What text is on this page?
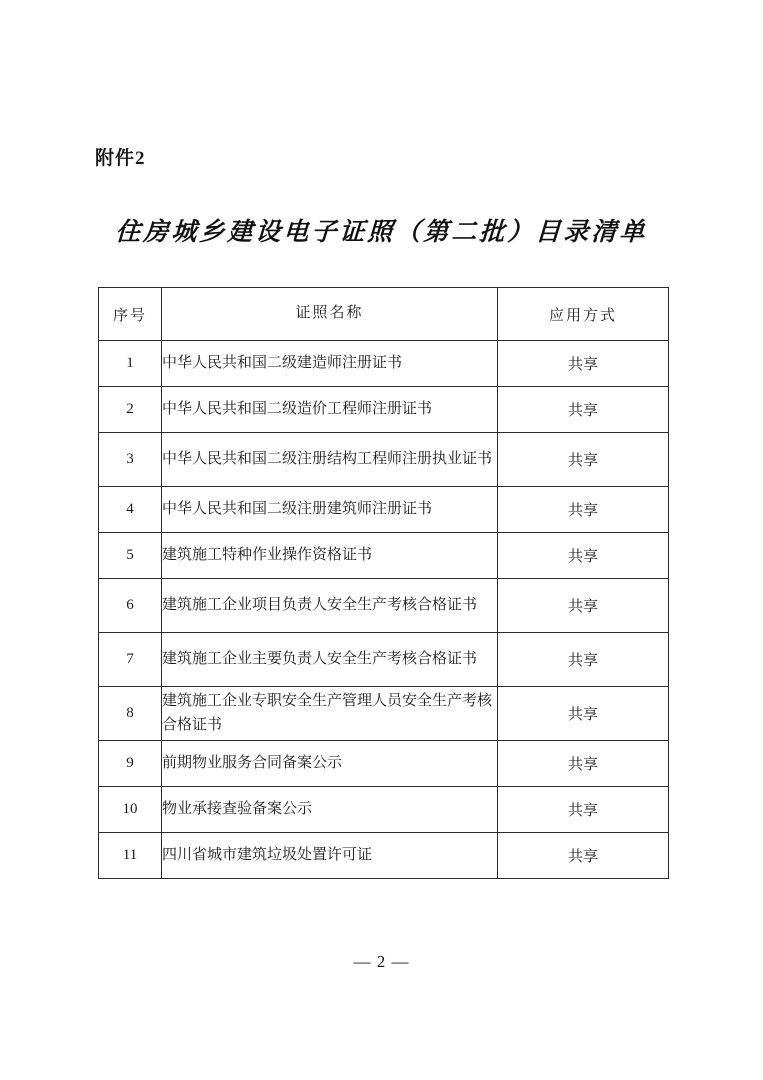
附件2
住房城乡建设电子证照（第二批）目录清单
序号	证照名称	应用方式
1	中华人民共和国二级建造师注册证书	共享
2	中华人民共和国二级造价工程师注册证书	共享
3	中华人民共和国二级注册结构工程师注册执业证书	共享
4	中华人民共和国二级注册建筑师注册证书	共享
5	建筑施工特种作业操作资格证书	共享
6	建筑施工企业项目负责人安全生产考核合格证书	共享
7	建筑施工企业主要负责人安全生产考核合格证书	共享
8	建筑施工企业专职安全生产管理人员安全生产考核合格证书	共享
9	前期物业服务合同备案公示	共享
10	物业承接查验备案公示	共享
11	四川省城市建筑垃圾处置许可证	共享
— 2 —
